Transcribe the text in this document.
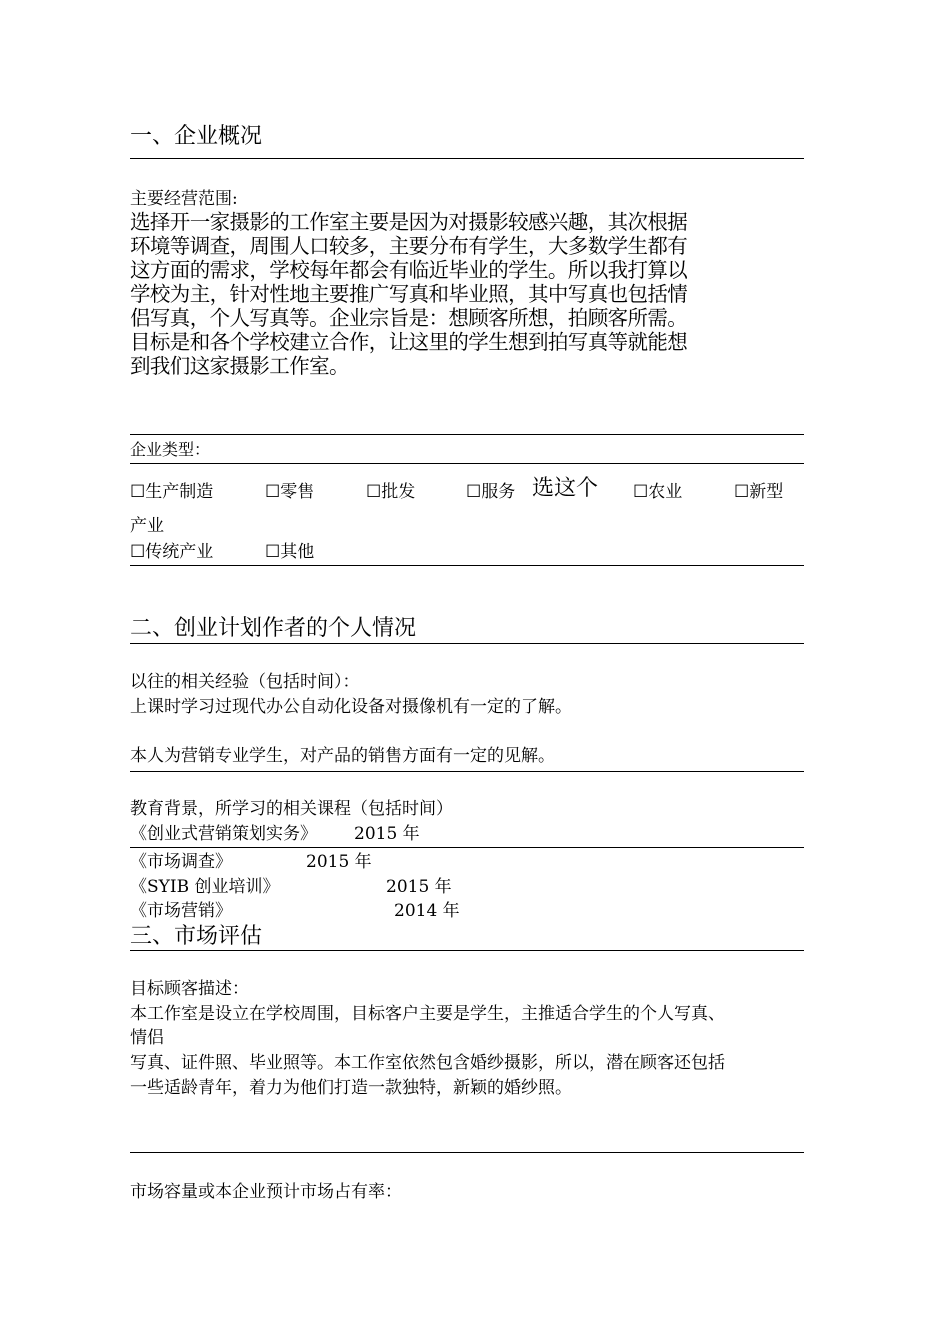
一、企业概况
主要经营范围:
选择开一家摄影的工作室主要是因为对摄影较感兴趣，其次根据
环境等调查，周围人口较多，主要分布有学生，大多数学生都有
这方面的需求，学校每年都会有临近毕业的学生。所以我打算以
学校为主，针对性地主要推广写真和毕业照，其中写真也包括情
侣写真，个人写真等。企业宗旨是：想顾客所想，拍顾客所需。
目标是和各个学校建立合作，让这里的学生想到拍写真等就能想
到我们这家摄影工作室。
企业类型：
☐生产制造	☐零售	☐批发	☐服务 选这个 ☐农业	☐新型
产业
☐传统产业	☐其他
二、创业计划作者的个人情况
以往的相关经验（包括时间）：
上课时学习过现代办公自动化设备对摄像机有一定的了解。
本人为营销专业学生，对产品的销售方面有一定的见解。
教育背景，所学习的相关课程（包括时间）
《创业式营销策划实务》 2015 年
《市场调查》	2015 年
《SYIB 创业培训》	2015 年
《市场营销》	2014 年
三、市场评估
目标顾客描述：
本工作室是设立在学校周围，目标客户主要是学生，主推适合学生的个人写真、
情侣
写真、证件照、毕业照等。本工作室依然包含婚纱摄影，所以，潜在顾客还包括
一些适龄青年，着力为他们打造一款独特，新颖的婚纱照。
市场容量或本企业预计市场占有率：
